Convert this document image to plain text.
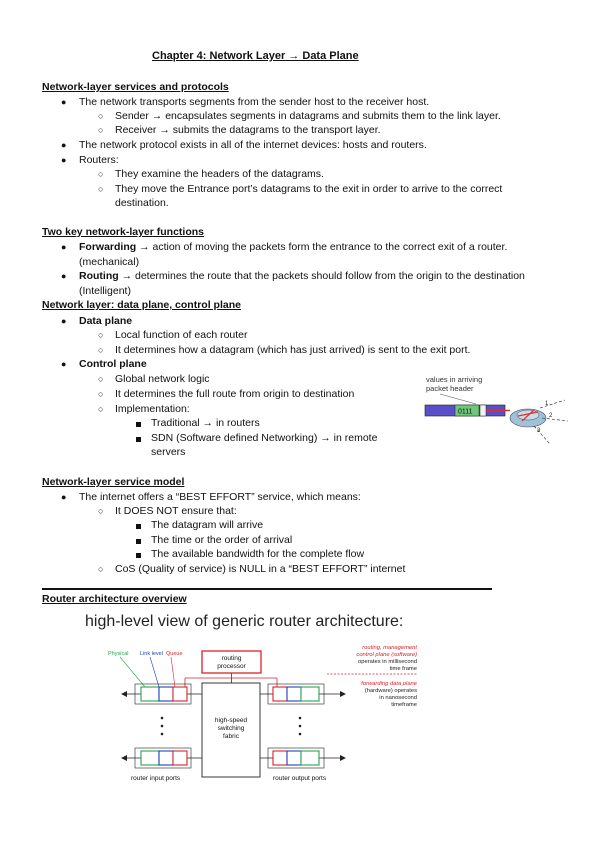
Chapter 4: Network Layer → Data Plane
Network-layer services and protocols
● The network transports segments from the sender host to the receiver host.
○ Sender → encapsulates segments in datagrams and submits them to the link layer.
○ Receiver → submits the datagrams to the transport layer.
● The network protocol exists in all of the internet devices: hosts and routers.
● Routers:
○ They examine the headers of the datagrams.
○ They move the Entrance port’s datagrams to the exit in order to arrive to the correct
destination.
Two key network-layer functions
● Forwarding → action of moving the packets form the entrance to the correct exit of a router.
(mechanical)
● Routing → determines the route that the packets should follow from the origin to the destination
(Intelligent)
Network layer: data plane, control plane
● Data plane
○ Local function of each router
○ It determines how a datagram (which has just arrived) is sent to the exit port.
● Control plane
○ Global network logic
○ It determines the full route from origin to destination
○ Implementation:
Traditional → in routers
SDN (Software defined Networking) → in remote
servers
values in arriving
packet header
0111
1
2
3
Network-layer service model
● The internet offers a “BEST EFFORT” service, which means:
○ It DOES NOT ensure that:
The datagram will arrive
The time or the order of arrival
The available bandwidth for the complete flow
○ CoS (Quality of service) is NULL in a “BEST EFFORT” internet
Router architecture overview
high-level view of generic router architecture:
Physical Link level Queue
routing
processor
high-speed
switching
fabric
router input ports	router output ports
routing, management
control plane (software)
operates in millisecond
time frame
forwarding data plane
(hardware) operates
in nanosecond
timeframe
